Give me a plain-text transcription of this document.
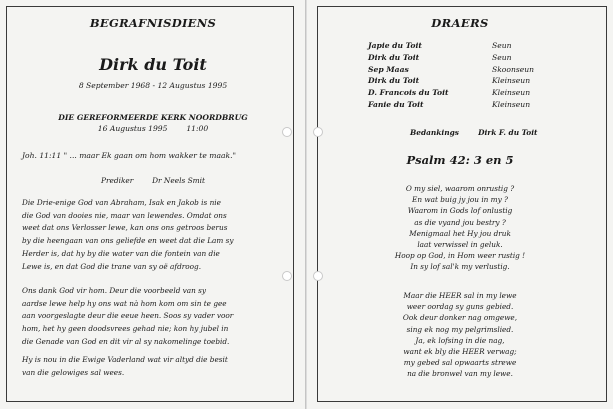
BEGRAFNISDIENS
Dirk du Toit
8 September 1968 - 12 Augustus 1995
DIE GEREFORMEERDE KERK NOORDBRUG
16 Augustus 1995 11:00
Joh. 11:11 " ... maar Ek gaan om hom wakker te maak."
Prediker	Dr Neels Smit
Die Drie-enige God van Abraham, Isak en Jakob is nie
die God van dooies nie, maar van lewendes. Omdat ons
weet dat ons Verlosser lewe, kan ons ons getroos berus
by die heengaan van ons geliefde en weet dat die Lam sy
Herder is, dat hy by die water van die fontein van die
Lewe is, en dat God die trane van sy oë afdroog.
Ons dank God vir hom. Deur die voorbeeld van sy
aardse lewe help hy ons wat nà hom kom om sin te gee
aan voorgeslagte deur die eeue heen. Soos sy vader voor
hom, het hy geen doodsvrees gehad nie; kon hy jubel in
die Genade van God en dit vir al sy nakomelinge toebid.
Hy is nou in die Ewige Vaderland wat vir altyd die besit
van die gelowiges sal wees.
DRAERS
Japie du Toit	Seun
Dirk du Toit	Seun
Sep Maas	Skoonseun
Dirk du Toit	Kleinseun
D. Francois du Toit	Kleinseun
Fanie du Toit	Kleinseun
Bedankings	Dirk F. du Toit
Psalm 42: 3 en 5
O my siel, waarom onrustig ?
En wat buig jy jou in my ?
Waarom in Gods lof onlustig
as die vyand jou bestry ?
Menigmaal het Hy jou druk
laat verwissel in geluk.
Hoop op God, in Hom weer rustig !
In sy lof sal'k my verlustig.
Maar die HEER sal in my lewe
weer oordag sy guns gebied.
Ook deur donker nag omgewe,
sing ek nog my pelgrimslied.
Ja, ek lofsing in die nag,
want ek bly die HEER verwag;
my gebed sal opwaarts strewe
na die bronwel van my lewe.
